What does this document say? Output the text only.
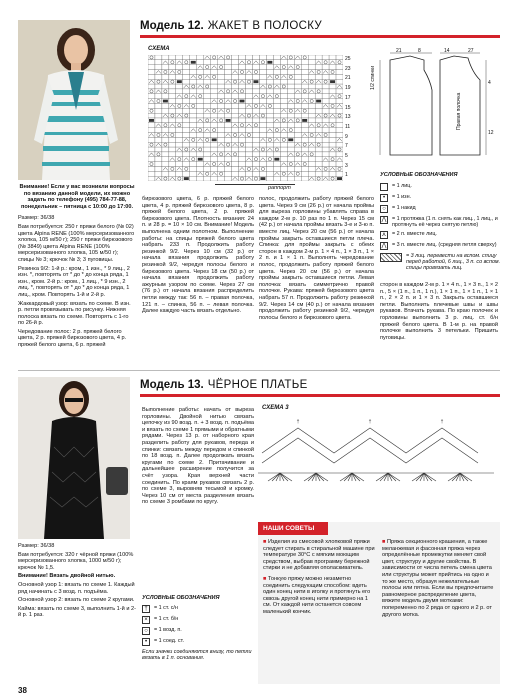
Модель 12. ЖАКЕТ В ПОЛОСКУ
СХЕМА
25
23
21
19
17
15
13
11
9
7
5
3
1
раппорт
21	8	14	27
1/2 спинки
Правая полочка
4
12
УСЛОВНЫЕ ОБОЗНАЧЕНИЯ
= 1 лиц.
•	= 1 изн.
○	= 1 накид
⋀ = 1 протяжка (1 п. снять как лиц., 1 лиц., и протянуть её через снятую петлю)
⋏	= 2 п. вместе лиц.
⋀ = 3 п. вместе лиц. (средняя петля сверху)
= 3 лиц. перевести на вспом. спицу перед работой, 6 лиц., 3 п. со вспом. спицы провязать лиц.

Внимание! Если у вас возникли вопросы по вязанию данной модели, их можно задать по телефону (495) 784-77-88, понедельник – пятница с 10:00 до 17:00.

Размер: 36/38

Вам потребуется: 250 г пряжи белого (№ 02) цвета Alpina RENE (100% мерсеризованного хлопка, 105 м/50 г); 250 г пряжи бирюзового (№ 3849) цвета Alpina RENE (100% мерсеризованного хлопка, 105 м/50 г); спицы № 3; крючок № 3; 3 пуговицы.

Резинка 9/2: 1-й р.: кром., 1 изн., * 9 лиц., 2 изн. *, повторять от * до * до конца ряда, 1 изн., кром. 2-й р.: кром., 1 лиц., * 9 изн., 2 лиц. *, повторять от * до * до конца ряда, 1 лиц., кром. Повторять 1-й и 2-й р.

Жаккардовый узор: вязать по схеме. В изн. р. петли провязывать по рисунку. Нижняя полоска вязать по схеме. Повторять с 1-го по 26-й р.

Чередование полос: 2 р. пряжей белого цвета, 2 р. пряжей бирюзового цвета, 4 р. пряжей белого цвета, 6 р. пряжей

бирюзового цвета, 6 р. пряжей белого цвета, 4 р. пряжей бирюзового цвета, 8 р. пряжей белого цвета, 2 р. пряжей бирюзового цвета. Плотность вязания: 24 п. и 28 р. = 10 × 10 см. Внимание! Модель выполнена одним полотном. Выполнение работы: на спицы пряжей белого цвета набрать 233 п. Продолжить работу резинкой 9/2. Через 10 см (32 р.) от начала вязания продолжить работу резинкой 9/2, чередуя полосы белого и бирюзового цвета. Через 18 см (50 р.) от начала вязания продолжить работу ажурным узором по схеме. Через 27 см (76 р.) от начала вязания распределить петли между так: 56 п. – правая полочка, 121 п. – спинка, 56 п. – левая полочка. Далее каждую часть вязать отдельно.
полос, продолжить работу пряжей белого цвета. Через 9 см (26 р.) от начала проймы для выреза горловины убавлять справа в каждом 2-м р. 10 раз по 1 п. Через 15 см (42 р.) от начала проймы вязать 3-е и 3-ю п. вместе лиц. Через 20 см (56 р.) от начала проймы закрыть оставшиеся петли плеча. Спинка: для проймы закрыть с обеих сторон в каждом 2-м р. 1 × 4 п., 1 × 3 п., 1 × 2 п. и 1 × 1 п. Выполнять чередование полос, продолжить работу пряжей белого цвета. Через 20 см (56 р.) от начала проймы закрыть оставшиеся петли. Левая полочка: вязать симметрично правой полочке. Рукава: пряжей бирюзового цвета набрать 57 п. Продолжить работу резинкой 9/2. Через 14 см (40 р.) от начала вязания продолжить работу резинкой 9/2, чередуя полосы белого и бирюзового цвета.
сторон в каждом 2-м р. 1 × 4 п., 1 × 3 п., 1 × 2 п., 5 × (1 п., 1 п., 1 п.), 1 × 1 п., 1 × 1 п., 1 × 1 п., 2 × 2 п. и 1 × 3 п. Закрыть оставшиеся петли. Выполнить плечевые швы и швы рукавов. Втачать рукава. По краю полочек и горловины выполнить 3 р. лиц. ст. б/н пряжей белого цвета. В 1-м р. на правой полочке выполнить 3 петельки. Пришить пуговицы.
Модель 13. ЧЁРНОЕ ПЛАТЬЕ
Выполнение работы: начать от выреза горловины. Двойной нитью связать цепочку из 90 возд. п. + 3 возд. п. подъёма и вязать по схеме 1 прямыми и обратными рядами. Через 13 р. от наборного края разделить работу для рукавов, переда и спинки: связать между передом и спинкой по 18 возд. п. Далее продолжать вязать кругами по схеме 2. Притачивание и дальнейшее расширение получится за счёт узора. Края верхней части соединить. По краям рукавов связать 2 р. по схеме 3, выровняв тесьмой и кромку. Через 10 см от места разделения вязать по схеме 3 ромбами по кругу.
СХЕМА 3
†	†	†
НАШИ СОВЕТЫ

■ Изделия из смесовой хлопковой пряжи следует стирать в стиральной машине при температуре 30°С с мягким моющим средством, выбрав программу бережной стирки и не добавляя ополаскиватель.

■ Тонкую пряжу можно незаметно соединить следующим способом: вдеть один конец нити в иголку и протянуть его сквозь другой конец нити примерно на 1 см. От каждой нити останется совсем маленький кончик.

■ Пряжа секционного крашения, а также меланжевая и фасонная пряжа через определённые промежутки меняет свой цвет, структуру и другие свойства. В зависимости от числа петель смена цвета или структуры может прийтись на одно и то же место, образуя нежелательные полосы или пятна. Если вы предпочитаете равномерное распределение цвета, вяжите модель двумя мотками: попеременно по 2 ряда от одного и 2 р. от другого мотка.

Размер: 36/38

Вам потребуется: 320 г чёрной пряжи (100% мерсеризованного хлопка, 1000 м/50 г); крючок № 1,5.

Внимание! Вязать двойной нитью.

Основной узор 1: вязать по схеме 1. Каждый ряд начинать с 3 возд. п. подъёма.

Основной узор 2: вязать по схеме 2 кругами.

Кайма: вязать по схеме 3, выполнить 1-й и 2-й р. 1 раз.

УСЛОВНЫЕ ОБОЗНАЧЕНИЯ
†	= 1 ст. с/н
×	= 1 ст. б/н
○	= 1 возд. п.
•	= 1 соед. ст.
Если значки соединяются внизу, то петли вязать в 1 п. основания.
38
